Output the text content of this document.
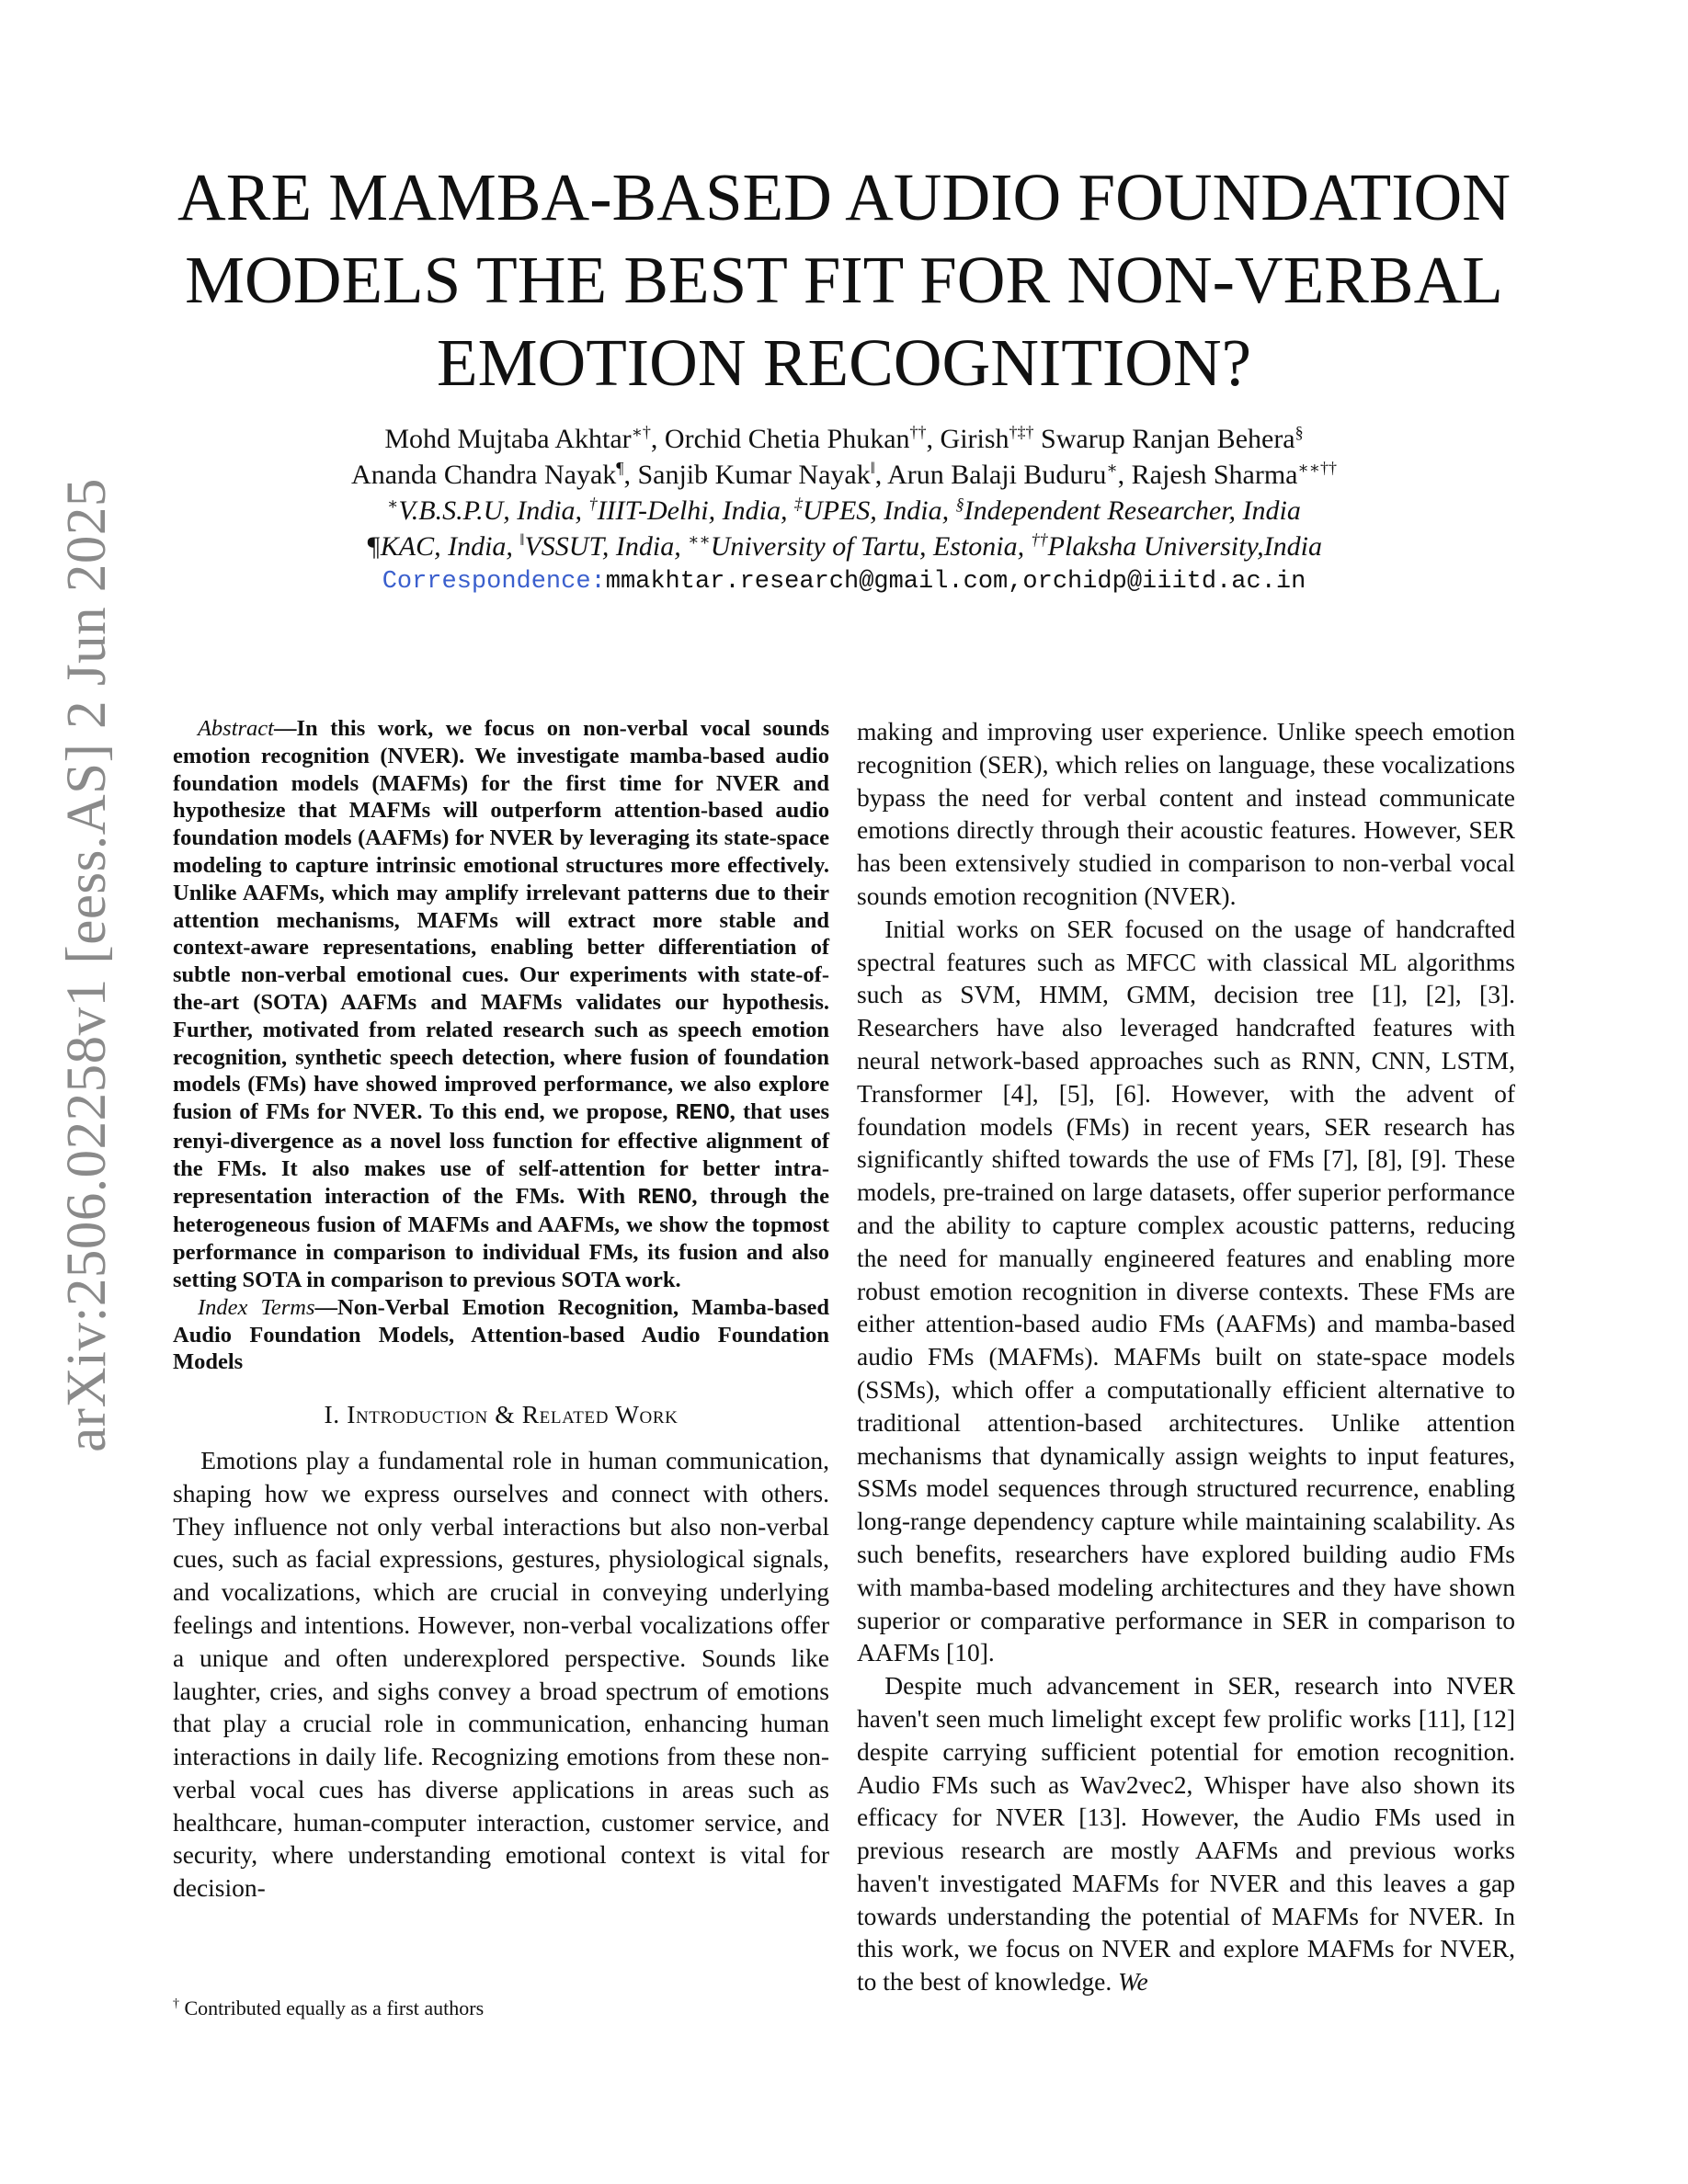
arXiv:2506.02258v1 [eess.AS] 2 Jun 2025
ARE MAMBA-BASED AUDIO FOUNDATION
MODELS THE BEST FIT FOR NON-VERBAL
EMOTION RECOGNITION?
Mohd Mujtaba Akhtar∗†, Orchid Chetia Phukan††, Girish†‡† Swarup Ranjan Behera§
Ananda Chandra Nayak¶, Sanjib Kumar Nayak‖, Arun Balaji Buduru∗, Rajesh Sharma∗∗††
∗V.B.S.P.U, India, †IIIT-Delhi, India, ‡UPES, India, §Independent Researcher, India
¶KAC, India, ‖VSSUT, India, ∗∗University of Tartu, Estonia, ††Plaksha University,India
Correspondence:mmakhtar.research@gmail.com,orchidp@iiitd.ac.in

Abstract—In this work, we focus on non-verbal vocal sounds emotion recognition (NVER). We investigate mamba-based audio foundation models (MAFMs) for the first time for NVER and hypothesize that MAFMs will outperform attention-based audio foundation models (AAFMs) for NVER by leveraging its state-space modeling to capture intrinsic emotional structures more effectively. Unlike AAFMs, which may amplify irrelevant patterns due to their attention mechanisms, MAFMs will extract more stable and context-aware representations, enabling better differentiation of subtle non-verbal emotional cues. Our experiments with state-of-the-art (SOTA) AAFMs and MAFMs validates our hypothesis. Further, motivated from related research such as speech emotion recognition, synthetic speech detection, where fusion of foundation models (FMs) have showed improved performance, we also explore fusion of FMs for NVER. To this end, we propose, RENO, that uses renyi-divergence as a novel loss function for effective alignment of the FMs. It also makes use of self-attention for better intra-representation interaction of the FMs. With RENO, through the heterogeneous fusion of MAFMs and AAFMs, we show the topmost performance in comparison to individual FMs, its fusion and also setting SOTA in comparison to previous SOTA work.

Index Terms—Non-Verbal Emotion Recognition, Mamba-based Audio Foundation Models, Attention-based Audio Foundation Models

I. Introduction & Related Work

Emotions play a fundamental role in human communication, shaping how we express ourselves and connect with others. They influence not only verbal interactions but also non-verbal cues, such as facial expressions, gestures, physiological signals, and vocalizations, which are crucial in conveying underlying feelings and intentions. However, non-verbal vocalizations offer a unique and often underexplored perspective. Sounds like laughter, cries, and sighs convey a broad spectrum of emotions that play a crucial role in communication, enhancing human interactions in daily life. Recognizing emotions from these non-verbal vocal cues has diverse applications in areas such as healthcare, human-computer interaction, customer service, and security, where understanding emotional context is vital for decision-

making and improving user experience. Unlike speech emotion recognition (SER), which relies on language, these vocalizations bypass the need for verbal content and instead communicate emotions directly through their acoustic features. However, SER has been extensively studied in comparison to non-verbal vocal sounds emotion recognition (NVER).

Initial works on SER focused on the usage of handcrafted spectral features such as MFCC with classical ML algorithms such as SVM, HMM, GMM, decision tree [1], [2], [3]. Researchers have also leveraged handcrafted features with neural network-based approaches such as RNN, CNN, LSTM, Transformer [4], [5], [6]. However, with the advent of foundation models (FMs) in recent years, SER research has significantly shifted towards the use of FMs [7], [8], [9]. These models, pre-trained on large datasets, offer superior performance and the ability to capture complex acoustic patterns, reducing the need for manually engineered features and enabling more robust emotion recognition in diverse contexts. These FMs are either attention-based audio FMs (AAFMs) and mamba-based audio FMs (MAFMs). MAFMs built on state-space models (SSMs), which offer a computationally efficient alternative to traditional attention-based architectures. Unlike attention mechanisms that dynamically assign weights to input features, SSMs model sequences through structured recurrence, enabling long-range dependency capture while maintaining scalability. As such benefits, researchers have explored building audio FMs with mamba-based modeling architectures and they have shown superior or comparative performance in SER in comparison to AAFMs [10].

Despite much advancement in SER, research into NVER haven't seen much limelight except few prolific works [11], [12] despite carrying sufficient potential for emotion recognition. Audio FMs such as Wav2vec2, Whisper have also shown its efficacy for NVER [13]. However, the Audio FMs used in previous research are mostly AAFMs and previous works haven't investigated MAFMs for NVER and this leaves a gap towards understanding the potential of MAFMs for NVER. In this work, we focus on NVER and explore MAFMs for NVER, to the best of knowledge. We

† Contributed equally as a first authors
